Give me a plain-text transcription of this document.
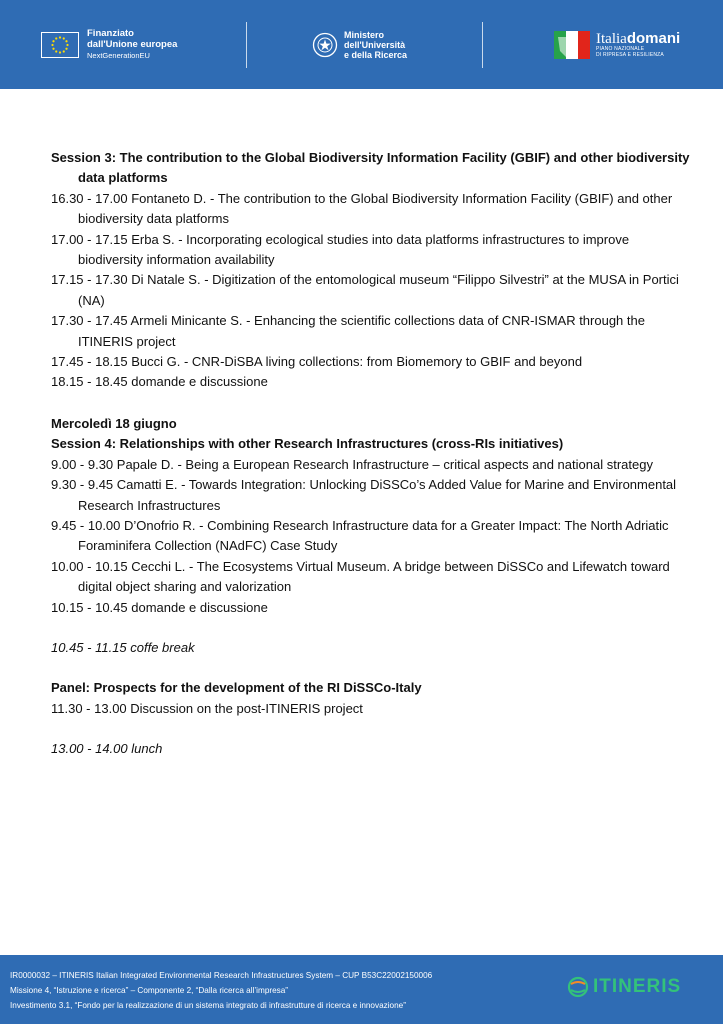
Finanziato
dall'Unione europea
NextGenerationEU
Ministero
dell'Università
e della Ricerca
Italiadomani
PIANO NAZIONALE
DI RIPRESA E RESILIENZA

Session 3: The contribution to the Global Biodiversity Information Facility (GBIF) and other biodiversity data platforms

16.30 - 17.00 Fontaneto D. - The contribution to the Global Biodiversity Information Facility (GBIF) and other biodiversity data platforms

17.00 - 17.15 Erba S. - Incorporating ecological studies into data platforms infrastructures to improve biodiversity information availability

17.15 - 17.30 Di Natale S. - Digitization of the entomological museum “Filippo Silvestri” at the MUSA in Portici (NA)

17.30 - 17.45 Armeli Minicante S. - Enhancing the scientific collections data of CNR-ISMAR through the ITINERIS project

17.45 - 18.15 Bucci G. - CNR-DiSBA living collections: from Biomemory to GBIF and beyond

18.15 - 18.45 domande e discussione

Mercoledì 18 giugno

Session 4: Relationships with other Research Infrastructures (cross-RIs initiatives)

9.00 - 9.30 Papale D. - Being a European Research Infrastructure – critical aspects and national strategy

9.30 - 9.45 Camatti E. - Towards Integration: Unlocking DiSSCo’s Added Value for Marine and Environmental Research Infrastructures

9.45 - 10.00 D’Onofrio R. - Combining Research Infrastructure data for a Greater Impact: The North Adriatic Foraminifera Collection (NAdFC) Case Study

10.00 - 10.15 Cecchi L. - The Ecosystems Virtual Museum. A bridge between DiSSCo and Lifewatch toward digital object sharing and valorization

10.15 - 10.45 domande e discussione

10.45 - 11.15 coffe break

Panel: Prospects for the development of the RI DiSSCo-Italy

11.30 - 13.00 Discussion on the post-ITINERIS project

13.00 - 14.00 lunch

IR0000032 – ITINERIS Italian Integrated Environmental Research Infrastructures System – CUP B53C22002150006
Missione 4, “Istruzione e ricerca” – Componente 2, “Dalla ricerca all’impresa”
Investimento 3.1, “Fondo per la realizzazione di un sistema integrato di infrastrutture di ricerca e innovazione”
ITINERIS
